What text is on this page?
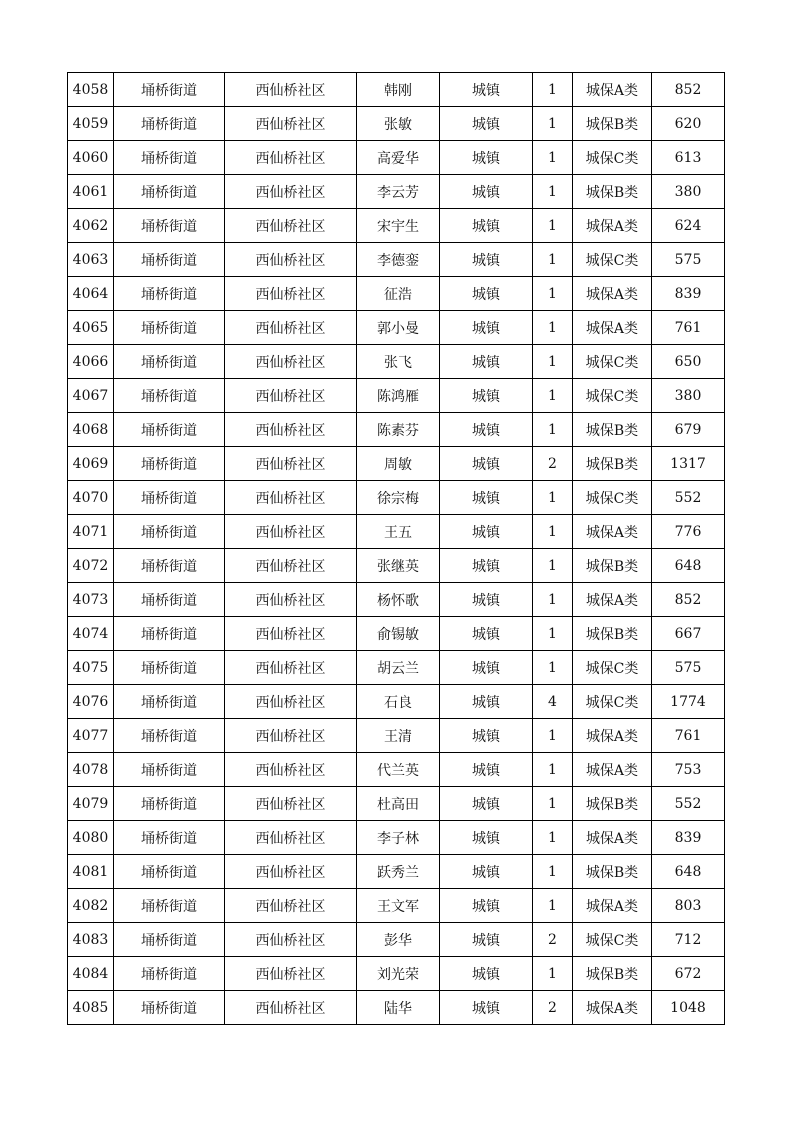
4058	埇桥街道	西仙桥社区	韩刚	城镇	1	城保A类	852
4059	埇桥街道	西仙桥社区	张敏	城镇	1	城保B类	620
4060	埇桥街道	西仙桥社区	高爱华	城镇	1	城保C类	613
4061	埇桥街道	西仙桥社区	李云芳	城镇	1	城保B类	380
4062	埇桥街道	西仙桥社区	宋宇生	城镇	1	城保A类	624
4063	埇桥街道	西仙桥社区	李德銮	城镇	1	城保C类	575
4064	埇桥街道	西仙桥社区	征浩	城镇	1	城保A类	839
4065	埇桥街道	西仙桥社区	郭小曼	城镇	1	城保A类	761
4066	埇桥街道	西仙桥社区	张飞	城镇	1	城保C类	650
4067	埇桥街道	西仙桥社区	陈鸿雁	城镇	1	城保C类	380
4068	埇桥街道	西仙桥社区	陈素芬	城镇	1	城保B类	679
4069	埇桥街道	西仙桥社区	周敏	城镇	2	城保B类	1317
4070	埇桥街道	西仙桥社区	徐宗梅	城镇	1	城保C类	552
4071	埇桥街道	西仙桥社区	王五	城镇	1	城保A类	776
4072	埇桥街道	西仙桥社区	张继英	城镇	1	城保B类	648
4073	埇桥街道	西仙桥社区	杨怀歌	城镇	1	城保A类	852
4074	埇桥街道	西仙桥社区	俞锡敏	城镇	1	城保B类	667
4075	埇桥街道	西仙桥社区	胡云兰	城镇	1	城保C类	575
4076	埇桥街道	西仙桥社区	石良	城镇	4	城保C类	1774
4077	埇桥街道	西仙桥社区	王清	城镇	1	城保A类	761
4078	埇桥街道	西仙桥社区	代兰英	城镇	1	城保A类	753
4079	埇桥街道	西仙桥社区	杜高田	城镇	1	城保B类	552
4080	埇桥街道	西仙桥社区	李子林	城镇	1	城保A类	839
4081	埇桥街道	西仙桥社区	跃秀兰	城镇	1	城保B类	648
4082	埇桥街道	西仙桥社区	王文军	城镇	1	城保A类	803
4083	埇桥街道	西仙桥社区	彭华	城镇	2	城保C类	712
4084	埇桥街道	西仙桥社区	刘光荣	城镇	1	城保B类	672
4085	埇桥街道	西仙桥社区	陆华	城镇	2	城保A类	1048
